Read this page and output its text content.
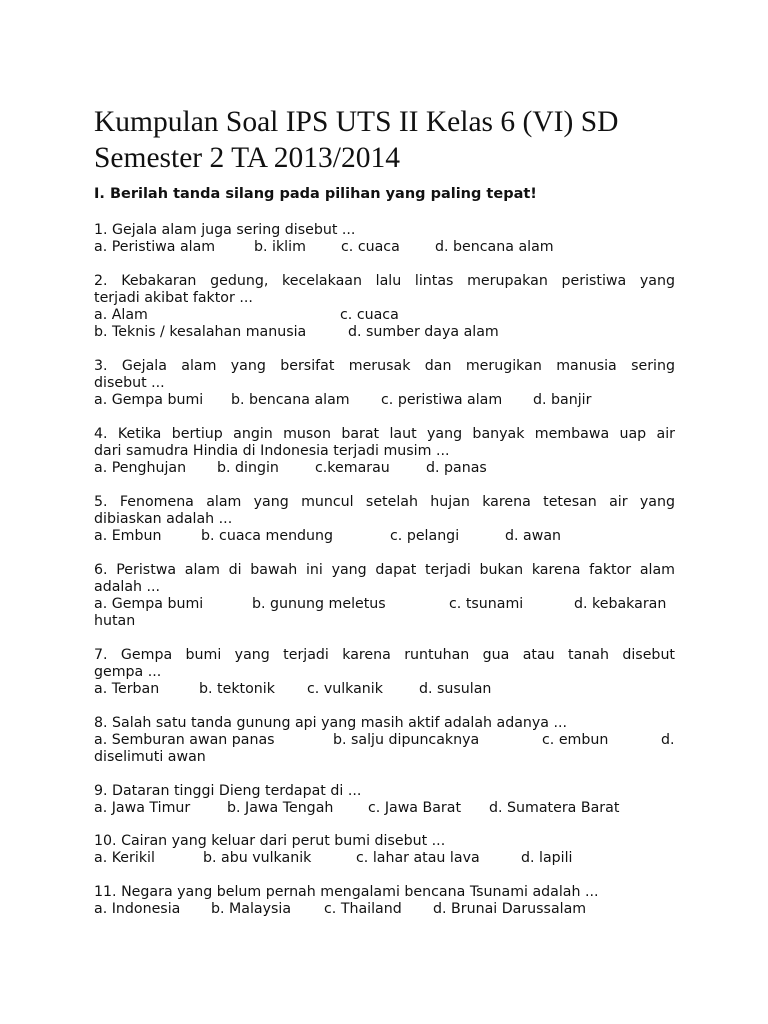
Kumpulan Soal IPS UTS II Kelas 6 (VI) SD Semester 2 TA 2013/2014
I. Berilah tanda silang pada pilihan yang paling tepat!
1. Gejala alam juga sering disebut ...
a. Peristiwa alam	b. iklim c. cuaca d. bencana alam
2. Kebakaran gedung, kecelakaan lalu lintas merupakan peristiwa yang
terjadi akibat faktor ...
a. Alam	c. cuaca
b. Teknis / kesalahan manusia	d. sumber daya alam
3. Gejala alam yang bersifat merusak dan merugikan manusia sering
disebut ...
a. Gempa bumi b. bencana alam c. peristiwa alam d. banjir
4. Ketika bertiup angin muson barat laut yang banyak membawa uap air
dari samudra Hindia di Indonesia terjadi musim ...
a. Penghujan b. dingin	c.kemarau	d. panas
5. Fenomena alam yang muncul setelah hujan karena tetesan air yang
dibiaskan adalah ...
a. Embun	b. cuaca mendung	c. pelangi	d. awan
6. Peristwa alam di bawah ini yang dapat terjadi bukan karena faktor alam
adalah ...
a. Gempa bumi	b. gunung meletus	c. tsunami	d. kebakaran
hutan
7. Gempa bumi yang terjadi karena runtuhan gua atau tanah disebut
gempa ...
a. Terban	b. tektonik c. vulkanik	d. susulan
8. Salah satu tanda gunung api yang masih aktif adalah adanya ...
a. Semburan awan panas	b. salju dipuncaknya	c. embun	d.
diselimuti awan
9. Dataran tinggi Dieng terdapat di ...
a. Jawa Timur	b. Jawa Tengah c. Jawa Barat d. Sumatera Barat
10. Cairan yang keluar dari perut bumi disebut ...
a. Kerikil	b. abu vulkanik	c. lahar atau lava	d. lapili
11. Negara yang belum pernah mengalami bencana Tsunami adalah ...
a. Indonesia b. Malaysia c. Thailand d. Brunai Darussalam
